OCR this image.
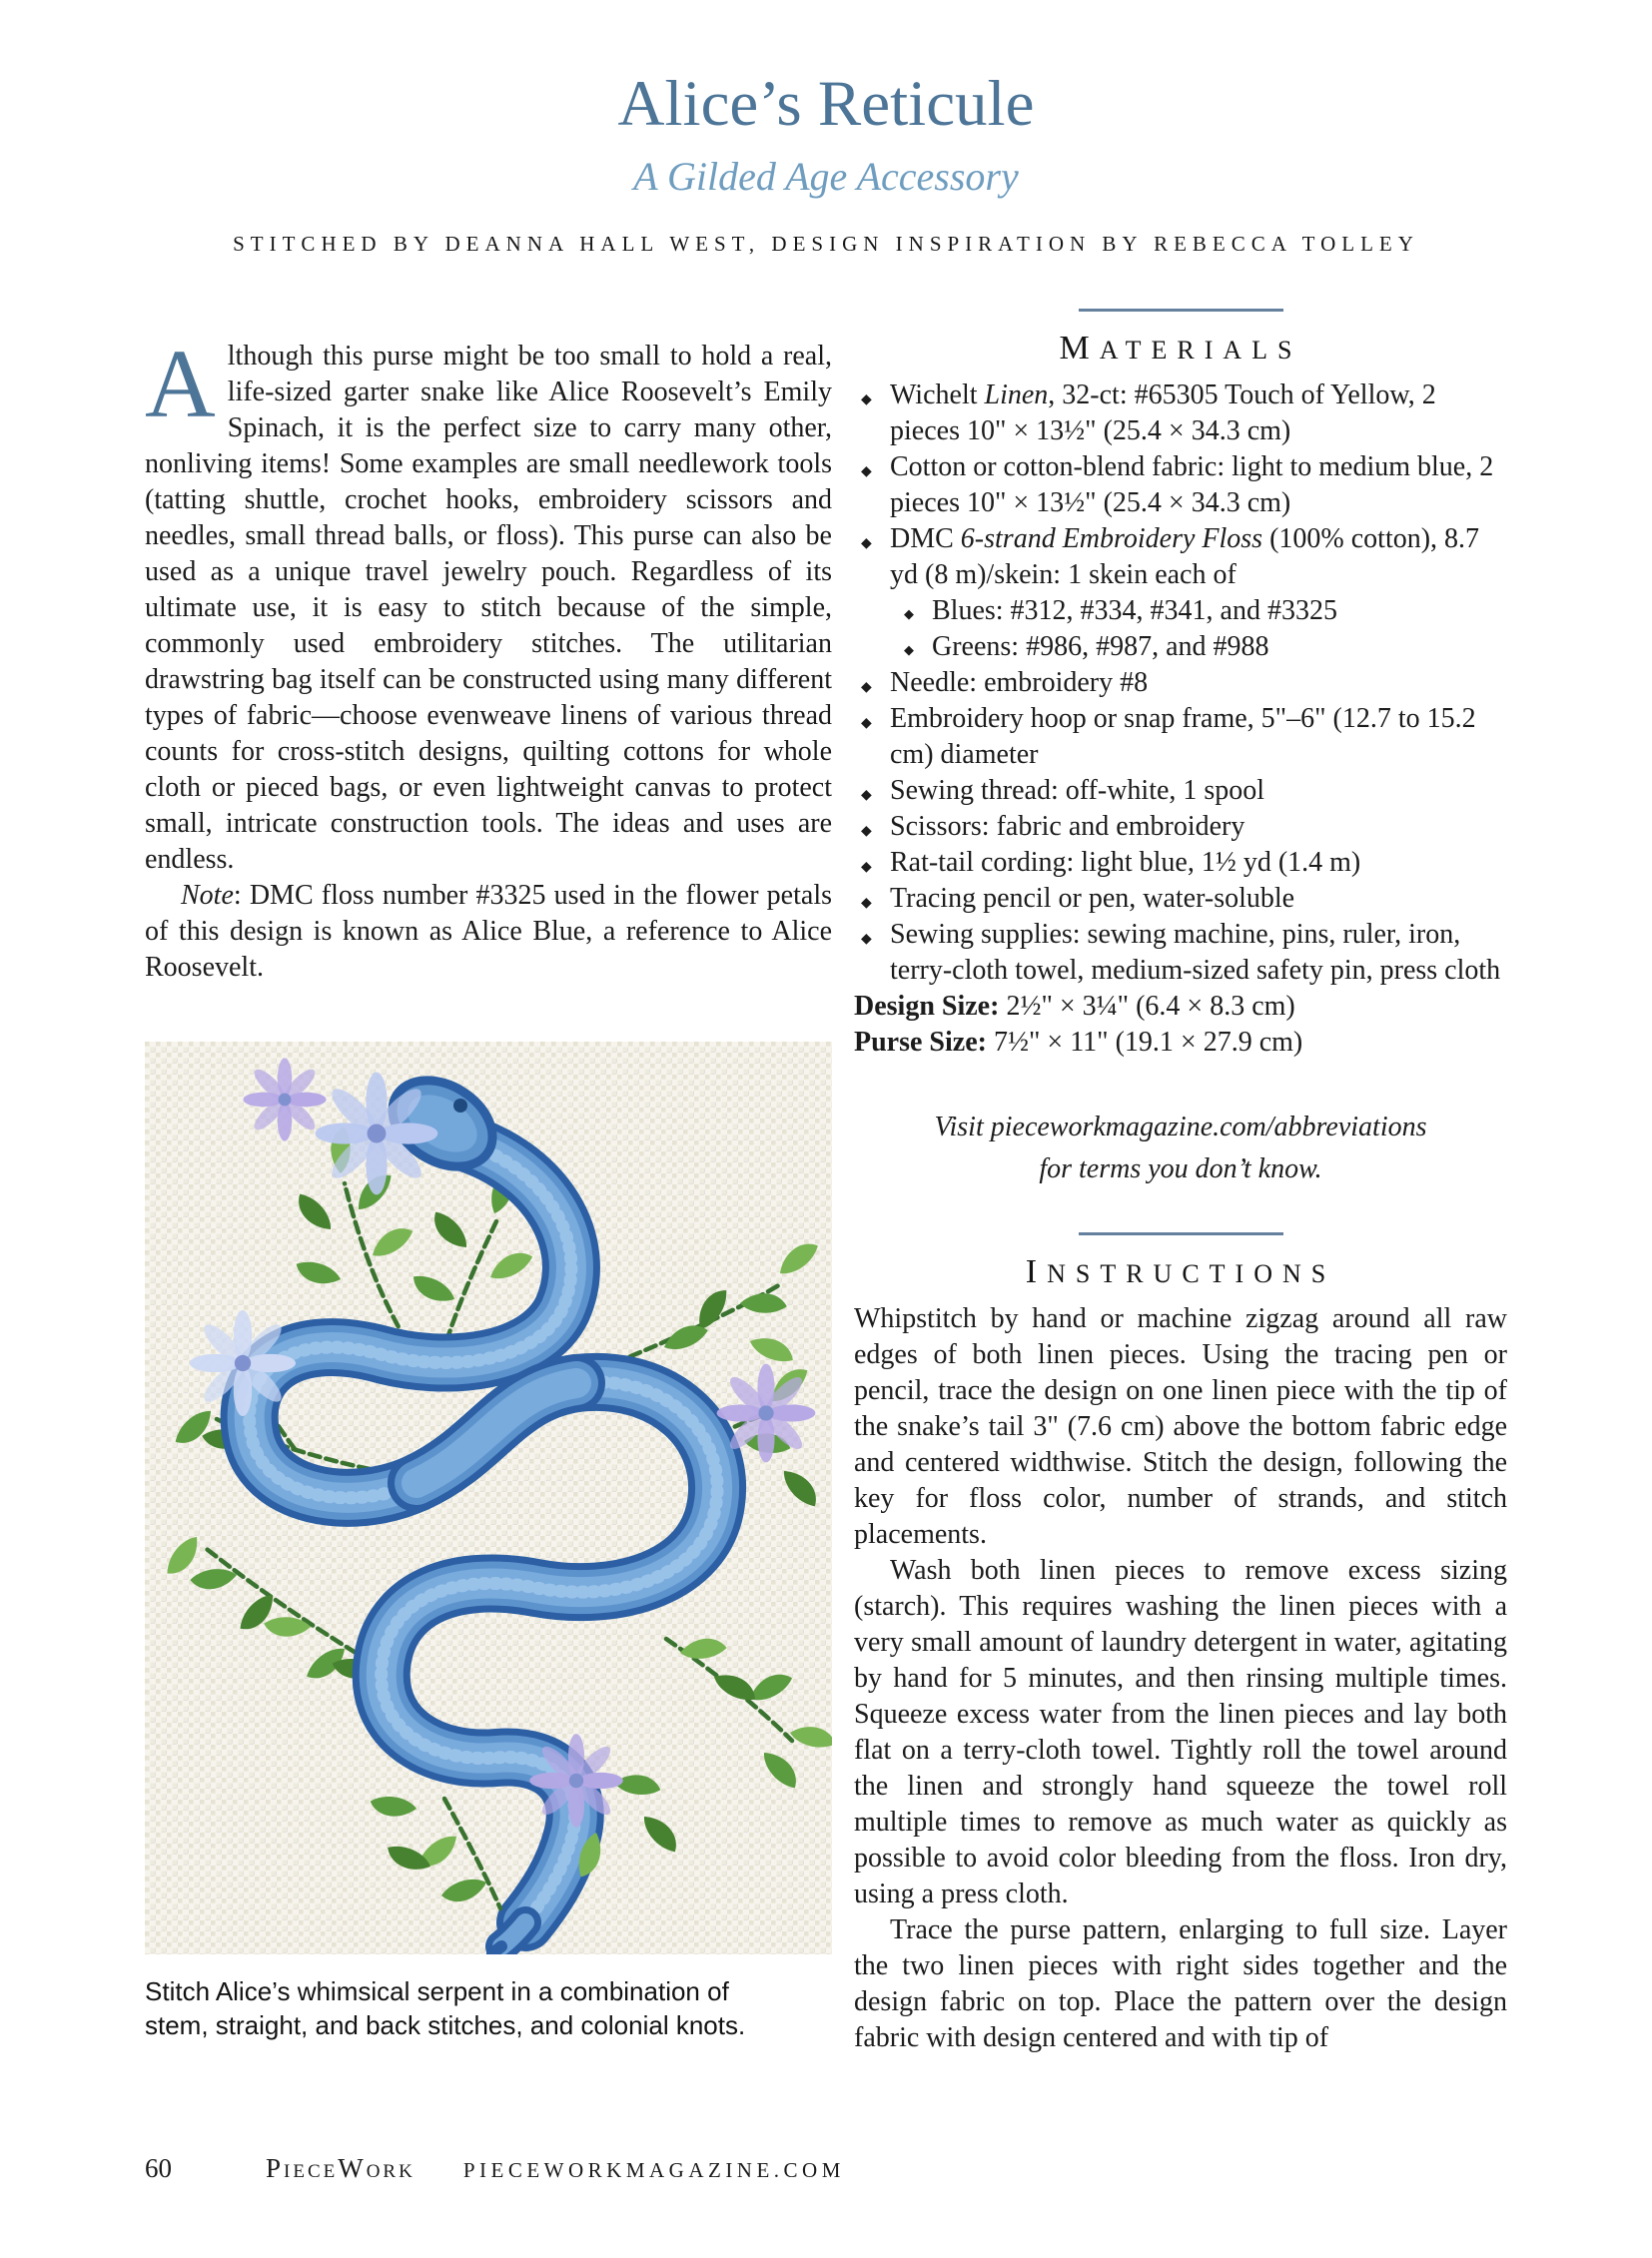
Alice’s Reticule
A Gilded Age Accessory
STITCHED BY DEANNA HALL WEST, DESIGN INSPIRATION BY REBECCA TOLLEY

Although this purse might be too small to hold a real, life-sized garter snake like Alice Roosevelt’s Emily Spinach, it is the perfect size to carry many other, nonliving items! Some examples are small needlework tools (tatting shuttle, crochet hooks, embroidery scissors and needles, small thread balls, or floss). This purse can also be used as a unique travel jewelry pouch. Regardless of its ultimate use, it is easy to stitch because of the simple, commonly used embroidery stitches. The utilitarian drawstring bag itself can be constructed using many different types of fabric—choose evenweave linens of various thread counts for cross-stitch designs, quilting cottons for whole cloth or pieced bags, or even lightweight canvas to protect small, intricate construction tools. The ideas and uses are endless.

Note: DMC floss number #3325 used in the flower petals of this design is known as Alice Blue, a reference to Alice Roosevelt.

Stitch Alice’s whimsical serpent in a combination of stem, straight, and back stitches, and colonial knots.
MATERIALS
◆ Wichelt Linen, 32-ct: #65305 Touch of Yellow, 2 pieces 10" × 13½" (25.4 × 34.3 cm)
◆ Cotton or cotton-blend fabric: light to medium blue, 2 pieces 10" × 13½" (25.4 × 34.3 cm)
◆ DMC 6-strand Embroidery Floss (100% cotton), 8.7 yd (8 m)/skein: 1 skein each of
◆ Blues: #312, #334, #341, and #3325
◆ Greens: #986, #987, and #988
◆ Needle: embroidery #8
◆ Embroidery hoop or snap frame, 5"–6" (12.7 to 15.2 cm) diameter
◆ Sewing thread: off-white, 1 spool
◆ Scissors: fabric and embroidery
◆ Rat-tail cording: light blue, 1½ yd (1.4 m)
◆ Tracing pencil or pen, water-soluble
◆ Sewing supplies: sewing machine, pins, ruler, iron, terry-cloth towel, medium-sized safety pin, press cloth
Design Size: 2½" × 3¼" (6.4 × 8.3 cm)
Purse Size: 7½" × 11" (19.1 × 27.9 cm)
Visit pieceworkmagazine.com/abbreviations
for terms you don’t know.
INSTRUCTIONS

Whipstitch by hand or machine zigzag around all raw edges of both linen pieces. Using the tracing pen or pencil, trace the design on one linen piece with the tip of the snake’s tail 3" (7.6 cm) above the bottom fabric edge and centered widthwise. Stitch the design, following the key for floss color, number of strands, and stitch placements.

Wash both linen pieces to remove excess sizing (starch). This requires washing the linen pieces with a very small amount of laundry detergent in water, agitating by hand for 5 minutes, and then rinsing multiple times. Squeeze excess water from the linen pieces and lay both flat on a terry-cloth towel. Tightly roll the towel around the linen and strongly hand squeeze the towel roll multiple times to remove as much water as quickly as possible to avoid color bleeding from the floss. Iron dry, using a press cloth.

Trace the purse pattern, enlarging to full size. Layer the two linen pieces with right sides together and the design fabric on top. Place the pattern over the design fabric with design centered and with tip of

60	PieceWork PIECEWORKMAGAZINE.COM
